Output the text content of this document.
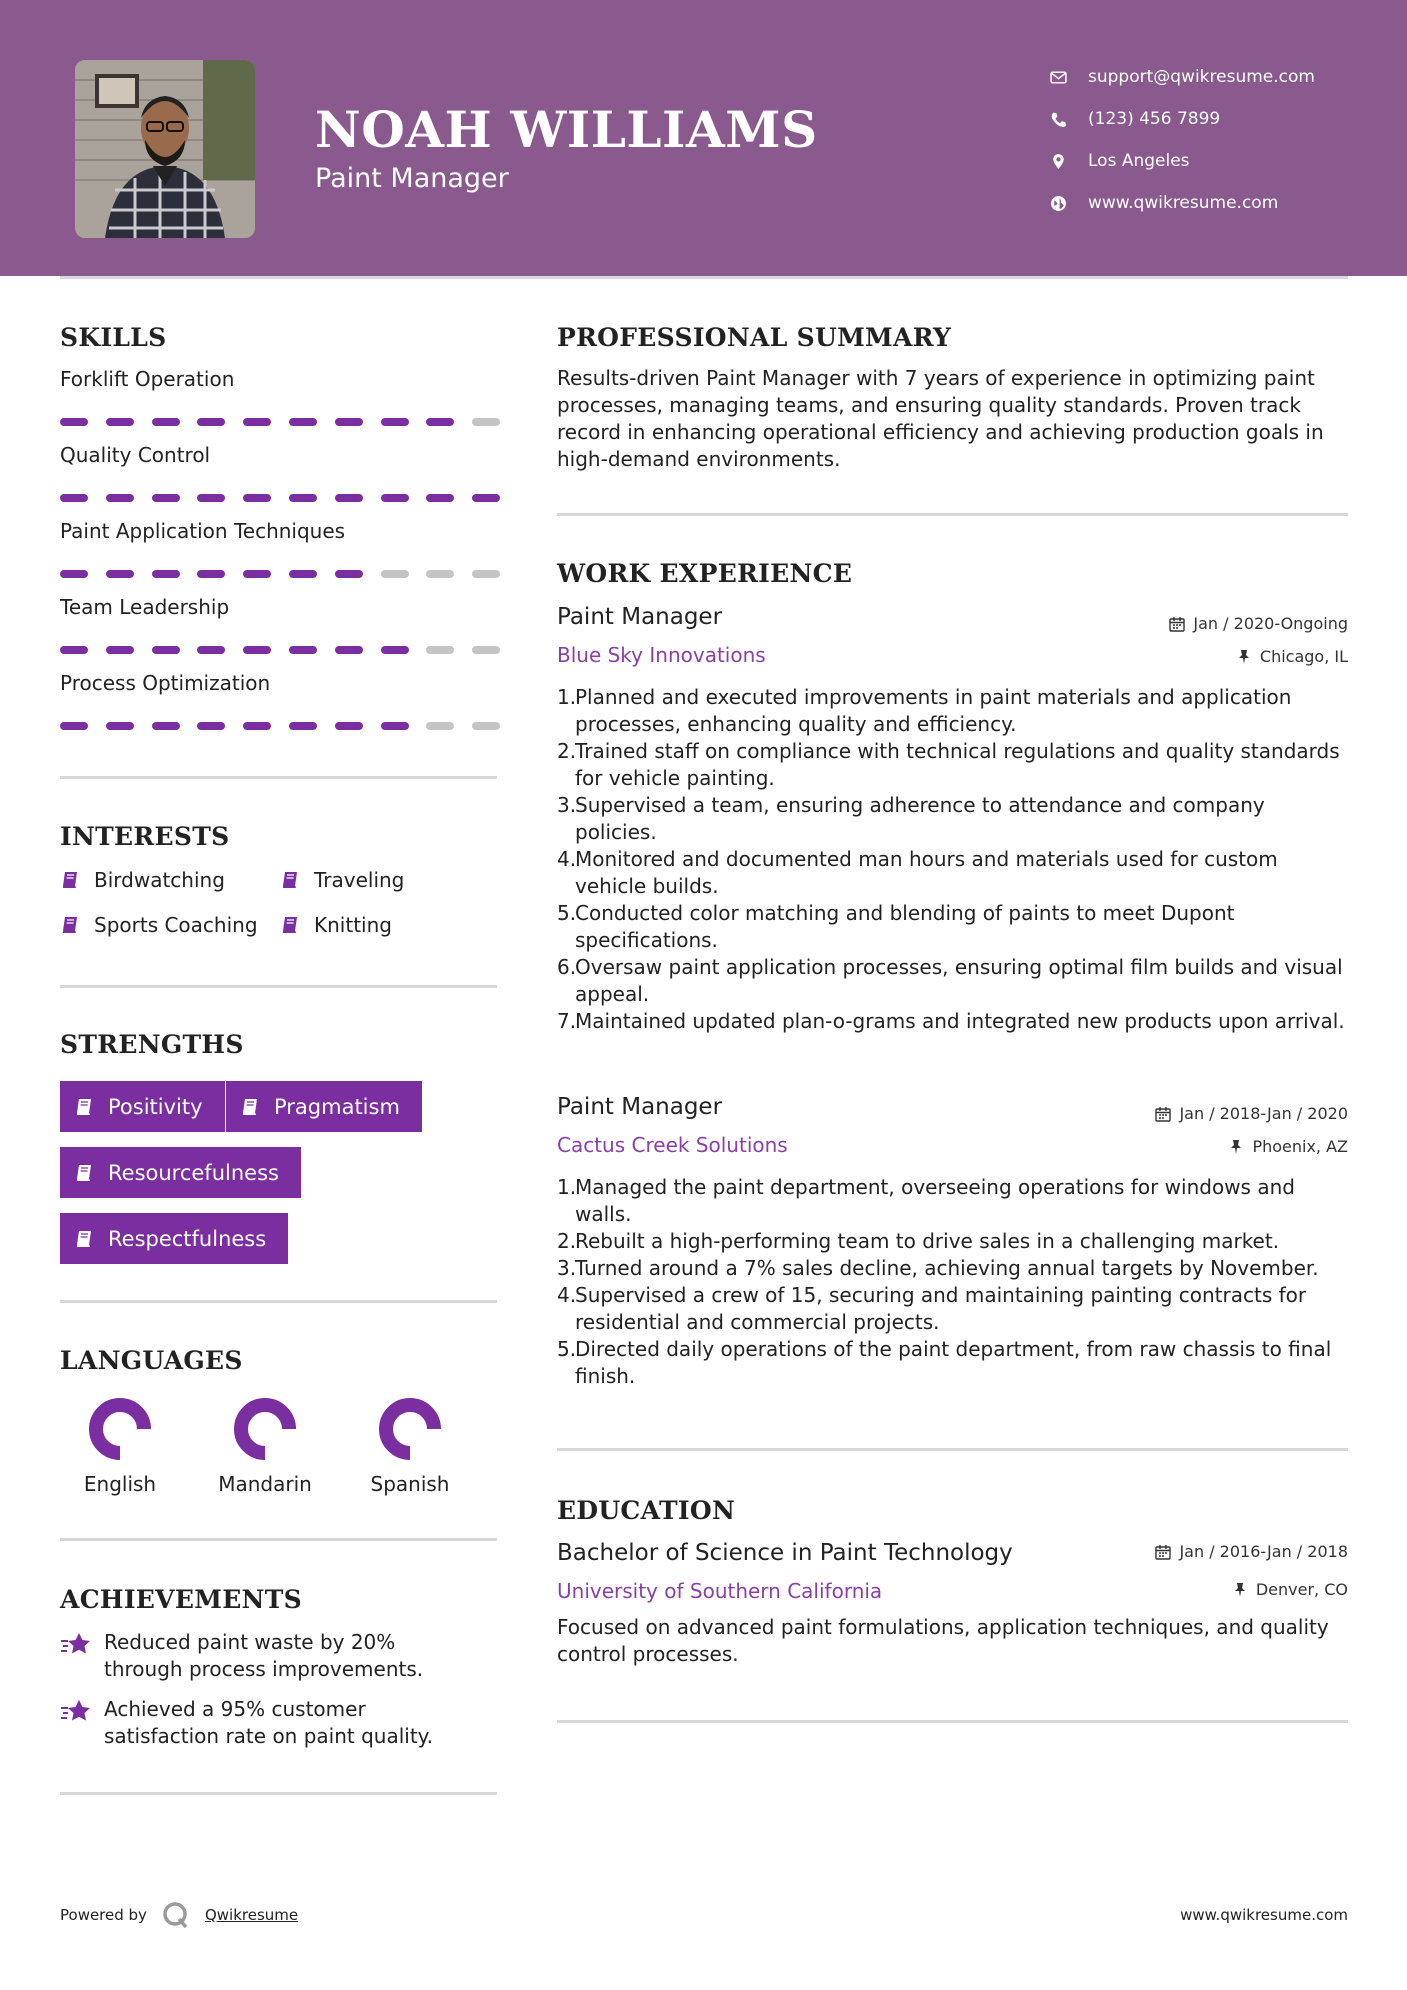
NOAH WILLIAMS
Paint Manager
support@qwikresume.com
(123) 456 7899
Los Angeles
www.qwikresume.com
SKILLS
Forklift Operation
Quality Control
Paint Application Techniques
Team Leadership
Process Optimization
INTERESTS
Birdwatching	Traveling
Sports Coaching	Knitting
STRENGTHS
Positivity	Pragmatism
Resourcefulness
Respectfulness
LANGUAGES
English	Mandarin	Spanish
ACHIEVEMENTS

Reduced paint waste by 20% through process improvements.

Achieved a 95% customer satisfaction rate on paint quality.

PROFESSIONAL SUMMARY

Results-driven Paint Manager with 7 years of experience in optimizing paint processes, managing teams, and ensuring quality standards. Proven track record in enhancing operational efficiency and achieving production goals in high-demand environments.

WORK EXPERIENCE
Paint Manager	Jan / 2020-Ongoing
Blue Sky Innovations	Chicago, IL
Planned and executed improvements in paint materials and application processes, enhancing quality and efficiency.
Trained staff on compliance with technical regulations and quality standards for vehicle painting.
Supervised a team, ensuring adherence to attendance and company policies.
Monitored and documented man hours and materials used for custom vehicle builds.
Conducted color matching and blending of paints to meet Dupont specifications.
Oversaw paint application processes, ensuring optimal film builds and visual appeal.
Maintained updated plan-o-grams and integrated new products upon arrival.
Paint Manager	Jan / 2018-Jan / 2020
Cactus Creek Solutions	Phoenix, AZ
Managed the paint department, overseeing operations for windows and walls.
Rebuilt a high-performing team to drive sales in a challenging market.
Turned around a 7% sales decline, achieving annual targets by November.
Supervised a crew of 15, securing and maintaining painting contracts for residential and commercial projects.
Directed daily operations of the paint department, from raw chassis to final finish.
EDUCATION
Bachelor of Science in Paint Technology	Jan / 2016-Jan / 2018
University of Southern California	Denver, CO

Focused on advanced paint formulations, application techniques, and quality control processes.

Powered by	Qwikresume	www.qwikresume.com
